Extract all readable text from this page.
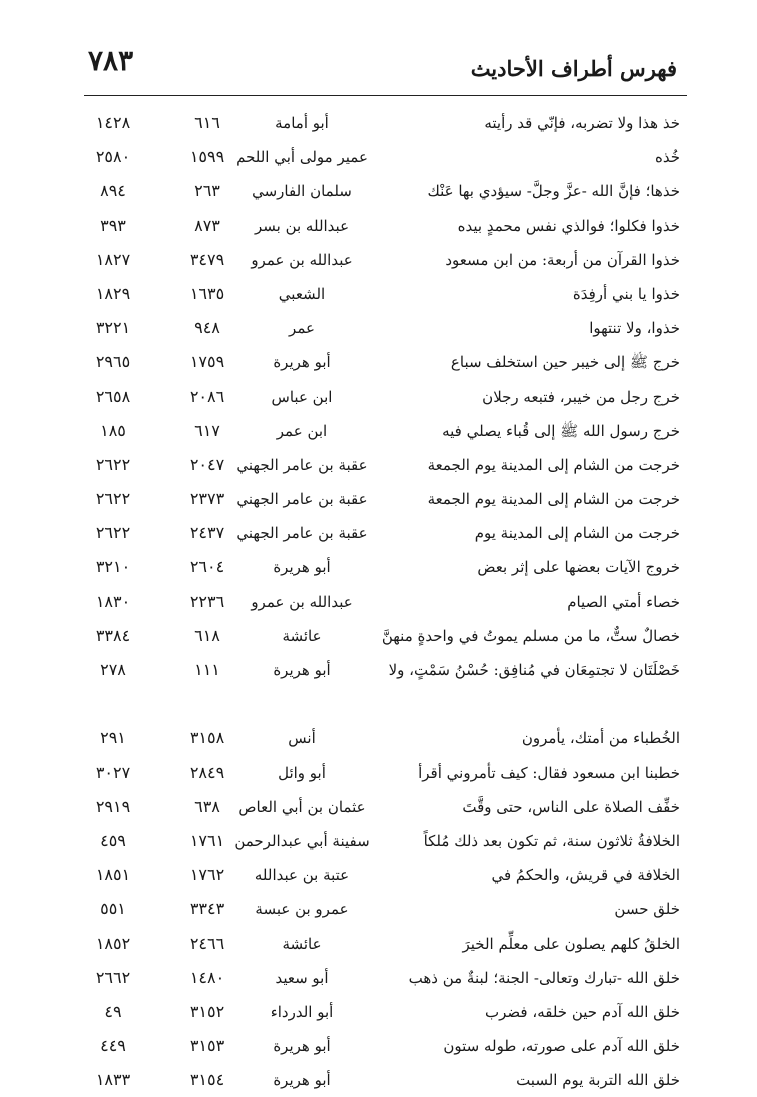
فهرس أطراف الأحاديث
٧٨٣
خذ هذا ولا تضربه، فإنّي قد رأيته
أبو أمامة
٦١٦
١٤٢٨
خُذه
عمير مولى أبي اللحم
١٥٩٩
٢٥٨٠
خذها؛ فإنَّ الله -عزَّ وجلَّ- سيؤدي بها عَنْك
سلمان الفارسي
٢٦٣
٨٩٤
خذوا فكلوا؛ فوالذي نفس محمدٍ بيده
عبدالله بن بسر
٨٧٣
٣٩٣
خذوا القرآن من أربعة: من ابن مسعود
عبدالله بن عمرو
٣٤٧٩
١٨٢٧
خذوا يا بني أرفِدَة
الشعبي
١٦٣٥
١٨٢٩
خذوا، ولا تنتهوا
عمر
٩٤٨
٣٢٢١
خرج ﷺ إلى خيبر حين استخلف سباع
أبو هريرة
١٧٥٩
٢٩٦٥
خرج رجل من خيبر، فتبعه رجلان
ابن عباس
٢٠٨٦
٢٦٥٨
خرج رسول الله ﷺ إلى قُباء يصلي فيه
ابن عمر
٦١٧
١٨٥
خرجت من الشام إلى المدينة يوم الجمعة
عقبة بن عامر الجهني
٢٠٤٧
٢٦٢٢
خرجت من الشام إلى المدينة يوم الجمعة
عقبة بن عامر الجهني
٢٣٧٣
٢٦٢٢
خرجت من الشام إلى المدينة يوم
عقبة بن عامر الجهني
٢٤٣٧
٢٦٢٢
خروج الآيات بعضها على إثر بعض
أبو هريرة
٢٦٠٤
٣٢١٠
خصاء أمتي الصيام
عبدالله بن عمرو
٢٢٣٦
١٨٣٠
خصالٌ ستٌّ، ما من مسلم يموتُ في واحدةٍ منهنَّ
عائشة
٦١٨
٣٣٨٤
خَصْلَتَان لا تجتمِعَان في مُنافِق: حُسْنُ سَمْتٍ، ولا
أبو هريرة
١١١
٢٧٨
الخُطباء من أمتك، يأمرون
أنس
٣١٥٨
٢٩١
خطبنا ابن مسعود فقال: كيف تأمروني أقرأ
أبو وائل
٢٨٤٩
٣٠٢٧
خفِّف الصلاة على الناس، حتى وقَّتَ
عثمان بن أبي العاص
٦٣٨
٢٩١٩
الخلافةُ ثلاثون سنة، ثم تكون بعد ذلك مُلكاً
سفينة أبي عبدالرحمن
١٧٦١
٤٥٩
الخلافة في قريش، والحكمُ في
عتبة بن عبدالله
١٧٦٢
١٨٥١
خلق حسن
عمرو بن عبسة
٣٣٤٣
٥٥١
الخلقُ كلهم يصلون على معلِّم الخيرَ
عائشة
٢٤٦٦
١٨٥٢
خلق الله -تبارك وتعالى- الجنة؛ لبنةٌ من ذهب
أبو سعيد
١٤٨٠
٢٦٦٢
خلق الله آدم حين خلقه، فضرب
أبو الدرداء
٣١٥٢
٤٩
خلق الله آدم على صورته، طوله ستون
أبو هريرة
٣١٥٣
٤٤٩
خلق الله التربة يوم السبت
أبو هريرة
٣١٥٤
١٨٣٣
